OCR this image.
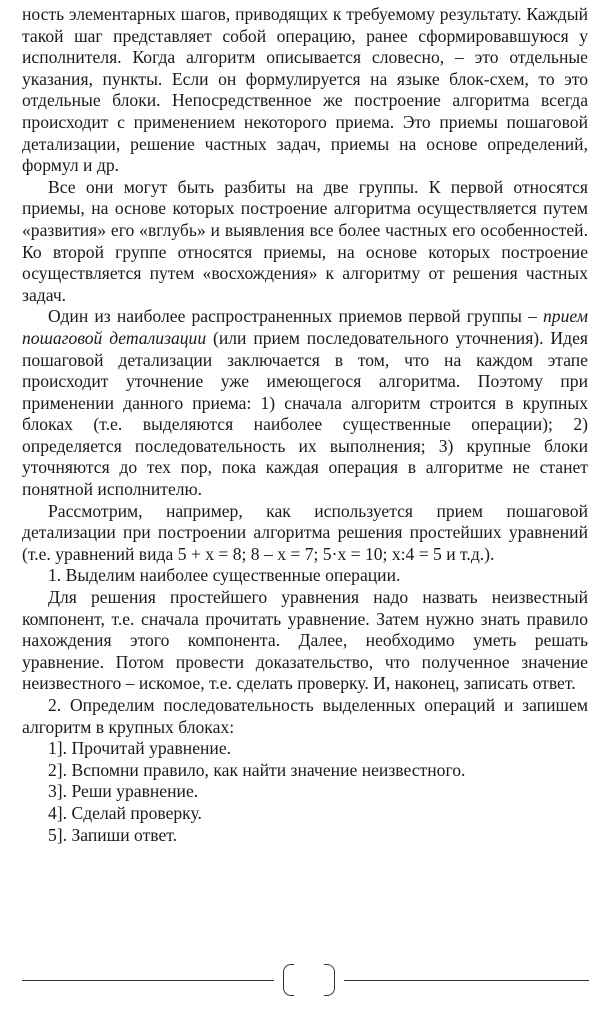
ность элементарных шагов, приводящих к требуемому результату. Каждый такой шаг представляет собой операцию, ранее сформировавшуюся у исполнителя. Когда алгоритм описывается словесно, – это отдельные указания, пункты. Если он формулируется на языке блок-схем, то это отдельные блоки. Непосредственное же построение алгоритма всегда происходит с применением некоторого приема. Это приемы пошаговой детализации, решение частных задач, приемы на основе определений, формул и др.

Все они могут быть разбиты на две группы. К первой относятся приемы, на основе которых построение алгоритма осуществляется путем «развития» его «вглубь» и выявления все более частных его особенностей. Ко второй группе относятся приемы, на основе которых построение осуществляется путем «восхождения» к алгоритму от решения частных задач.

Один из наиболее распространенных приемов первой группы – прием пошаговой детализации (или прием последовательного уточнения). Идея пошаговой детализации заключается в том, что на каждом этапе происходит уточнение уже имеющегося алгоритма. Поэтому при применении данного приема: 1) сначала алгоритм строится в крупных блоках (т.е. выделяются наиболее существенные операции); 2) определяется последовательность их выполнения; 3) крупные блоки уточняются до тех пор, пока каждая операция в алгоритме не станет понятной исполнителю.

Рассмотрим, например, как используется прием пошаговой детализации при построении алгоритма решения простейших уравнений (т.е. уравнений вида 5 + x = 8; 8 – x = 7; 5·x = 10; x:4 = 5 и т.д.).

1. Выделим наиболее существенные операции.

Для решения простейшего уравнения надо назвать неизвестный компонент, т.е. сначала прочитать уравнение. Затем нужно знать правило нахождения этого компонента. Далее, необходимо уметь решать уравнение. Потом провести доказательство, что полученное значение неизвестного – искомое, т.е. сделать проверку. И, наконец, записать ответ.

2. Определим последовательность выделенных операций и запишем алгоритм в крупных блоках:

1]. Прочитай уравнение.

2]. Вспомни правило, как найти значение неизвестного.

3]. Реши уравнение.

4]. Сделай проверку.

5]. Запиши ответ.
